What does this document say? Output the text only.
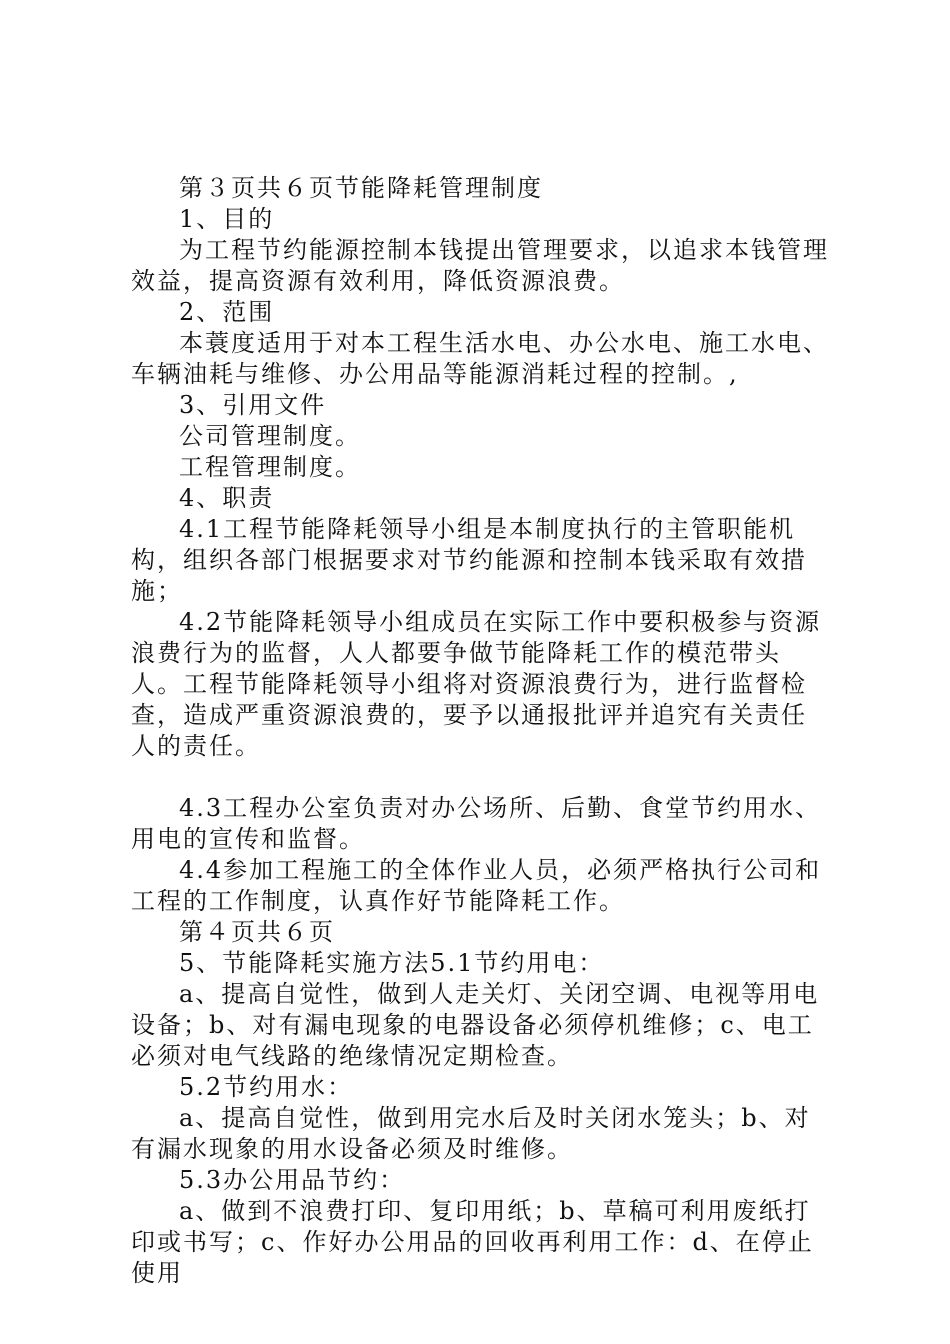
第３页共６页节能降耗管理制度

1、目的

为工程节约能源控制本钱提出管理要求，以追求本钱管理效益，提高资源有效利用，降低资源浪费。

2、范围

本蓑度适用于对本工程生活水电、办公水电、施工水电、车辆油耗与维修、办公用品等能源消耗过程的控制。,

3、引用文件

公司管理制度。

工程管理制度。

4、职责

4.1工程节能降耗领导小组是本制度执行的主管职能机构，组织各部门根据要求对节约能源和控制本钱采取有效措施；

4.2节能降耗领导小组成员在实际工作中要积极参与资源浪费行为的监督，人人都要争做节能降耗工作的模范带头人。工程节能降耗领导小组将对资源浪费行为，进行监督检查，造成严重资源浪费的，要予以通报批评并追究有关责任人的责任。

4.3工程办公室负责对办公场所、后勤、食堂节约用水、用电的宣传和监督。

4.4参加工程施工的全体作业人员，必须严格执行公司和工程的工作制度，认真作好节能降耗工作。

第４页共６页

5、节能降耗实施方法5.1节约用电：

a、提高自觉性，做到人走关灯、关闭空调、电视等用电设备；b、对有漏电现象的电器设备必须停机维修；c、电工必须对电气线路的绝缘情况定期检查。

5.2节约用水：

a、提高自觉性，做到用完水后及时关闭水笼头；b、对有漏水现象的用水设备必须及时维修。

5.3办公用品节约：

a、做到不浪费打印、复印用纸；b、草稿可利用废纸打印或书写；c、作好办公用品的回收再利用工作：d、在停止使用
